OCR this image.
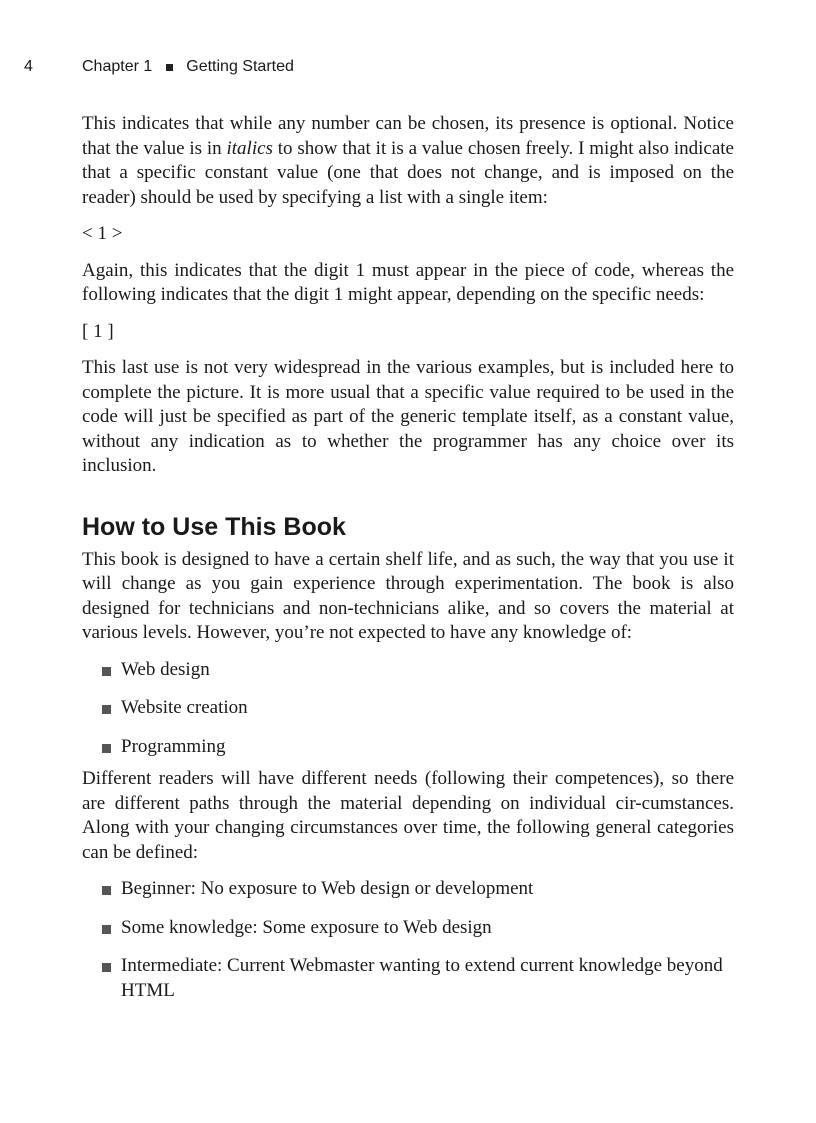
4	Chapter 1 Getting Started

This indicates that while any number can be chosen, its presence is optional. Notice that the value is in italics to show that it is a value chosen freely. I might also indicate that a specific constant value (one that does not change, and is imposed on the reader) should be used by specifying a list with a single item:

< 1 >

Again, this indicates that the digit 1 must appear in the piece of code, whereas the following indicates that the digit 1 might appear, depending on the specific needs:

[ 1 ]

This last use is not very widespread in the various examples, but is included here to complete the picture. It is more usual that a specific value required to be used in the code will just be specified as part of the generic template itself, as a constant value, without any indication as to whether the programmer has any choice over its inclusion.

How to Use This Book

This book is designed to have a certain shelf life, and as such, the way that you use it will change as you gain experience through experimentation. The book is also designed for technicians and non-technicians alike, and so covers the material at various levels. However, you’re not expected to have any knowledge of:

Web design
Website creation
Programming

Different readers will have different needs (following their competences), so there are different paths through the material depending on individual cir-cumstances. Along with your changing circumstances over time, the following general categories can be defined:

Beginner: No exposure to Web design or development
Some knowledge: Some exposure to Web design
Intermediate: Current Webmaster wanting to extend current knowledge beyond HTML
